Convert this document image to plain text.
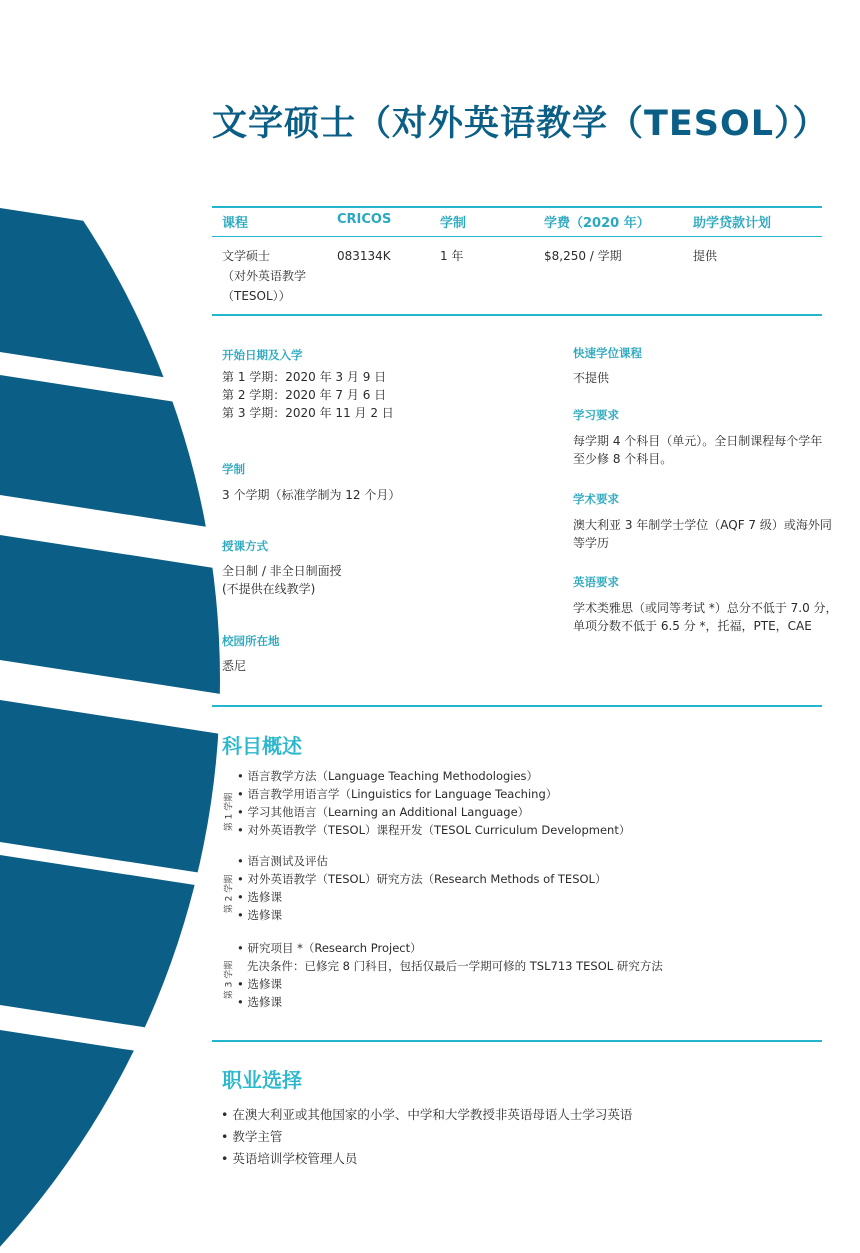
文学硕士（对外英语教学（TESOL））
课程	CRICOS	学制	学费（2020 年）	助学贷款计划
文学硕士
（对外英语教学
（TESOL））
083134K	1 年	$8,250 / 学期	提供
开始日期及入学
第 1 学期：2020 年 3 月 9 日
第 2 学期：2020 年 7 月 6 日
第 3 学期：2020 年 11 月 2 日
学制
3 个学期（标准学制为 12 个月）
授课方式
全日制 / 非全日制面授
(不提供在线教学)
校园所在地
悉尼
快速学位课程
不提供
学习要求
每学期 4 个科目（单元）。全日制课程每个学年
至少修 8 个科目。
学术要求
澳大利亚 3 年制学士学位（AQF 7 级）或海外同
等学历
英语要求
学术类雅思（或同等考试 *）总分不低于 7.0 分，
单项分数不低于 6.5 分 *，托福，PTE，CAE
科目概述
第 1 学期
• 语言教学方法（Language Teaching Methodologies）
• 语言教学用语言学（Linguistics for Language Teaching）
• 学习其他语言（Learning an Additional Language）
• 对外英语教学（TESOL）课程开发（TESOL Curriculum Development）
第 2 学期
• 语言测试及评估
• 对外英语教学（TESOL）研究方法（Research Methods of TESOL）
• 选修课
• 选修课
第 3 学期
• 研究项目 *（Research Project）
先决条件：已修完 8 门科目，包括仅最后一学期可修的 TSL713 TESOL 研究方法
• 选修课
• 选修课
职业选择
• 在澳大利亚或其他国家的小学、中学和大学教授非英语母语人士学习英语
• 教学主管
• 英语培训学校管理人员
